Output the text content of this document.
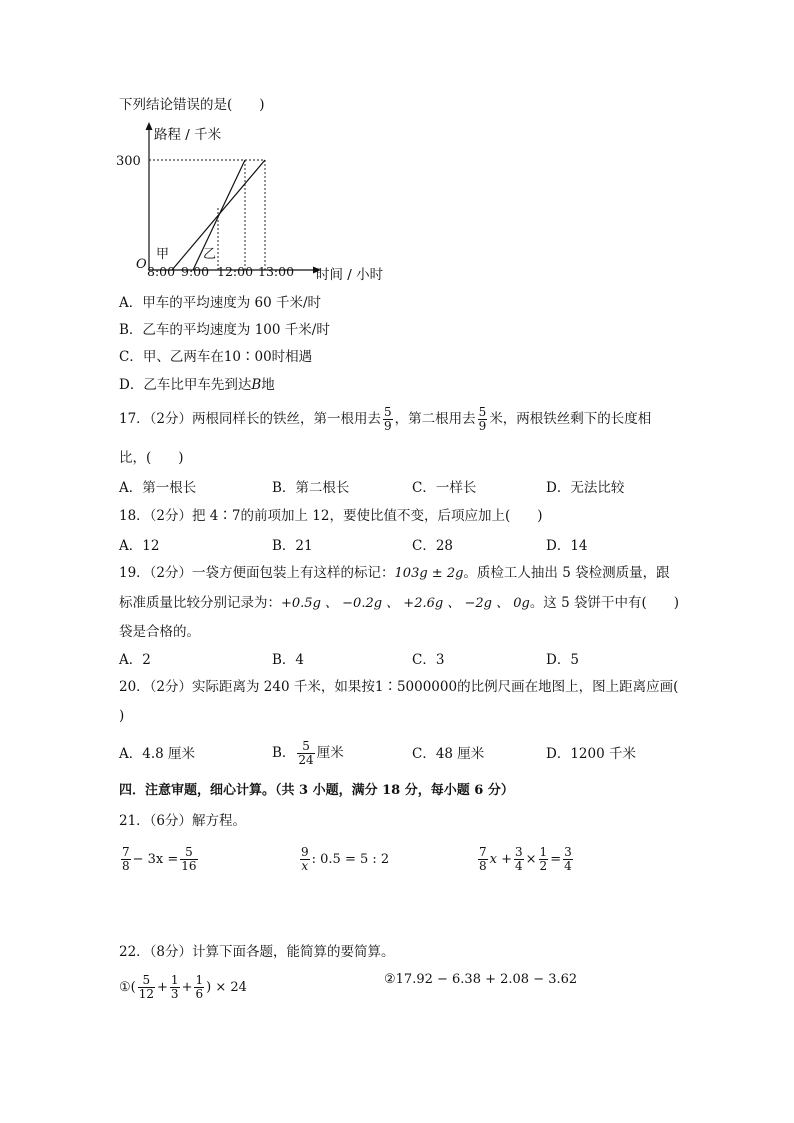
下列结论错误的是(　　)
路程 / 千米
300
O
甲	乙
8:00 9:00 12:00 13:00 时间 / 小时
A．甲车的平均速度为 60 千米/时
B．乙车的平均速度为 100 千米/时
C．甲、乙两车在10∶00时相遇
D．乙车比甲车先到达B地
17．（2分）两根同样长的铁丝，第一根用去 $\frac{5}{9}$ ，第二根用去 $\frac{5}{9}$ 米，两根铁丝剩下的长度相
比，(　　)
A．第一根长	B．第二根长	C．一样长	D．无法比较
18．（2分）把 4∶7的前项加上 12，要使比值不变，后项应加上(　　)
A．12	B．21	C．28	D．14
19．（2分）一袋方便面包装上有这样的标记：103g ± 2g。质检工人抽出 5 袋检测质量，跟
标准质量比较分别记录为：+0.5g 、 −0.2g 、 +2.6g 、 −2g 、 0g。这 5 袋饼干中有(　　)
袋是合格的。
A．2	B．4	C．3	D．5
20．（2分）实际距离为 240 千米，如果按1∶5000000的比例尺画在地图上，图上距离应画(
)
A．4.8 厘米	B． $\frac{5}{24}$ 厘米	C．48 厘米	D．1200 千米
四．注意审题，细心计算。（共 3 小题，满分 18 分，每小题 6 分）
21．（6分）解方程。
$\frac{7}{8} - 3x = \frac{5}{16}$	$\frac{9}{x}$ : 0.5 = 5 : 2	$\frac{7}{8}$ $x + \frac{3}{4} \times \frac{1}{2} = \frac{3}{4}$
22．（8分）计算下面各题，能简算的要简算。
①( $\frac{5}{12} + \frac{1}{3} + \frac{1}{6}$ ) × 24
②17.92 − 6.38 + 2.08 − 3.62
